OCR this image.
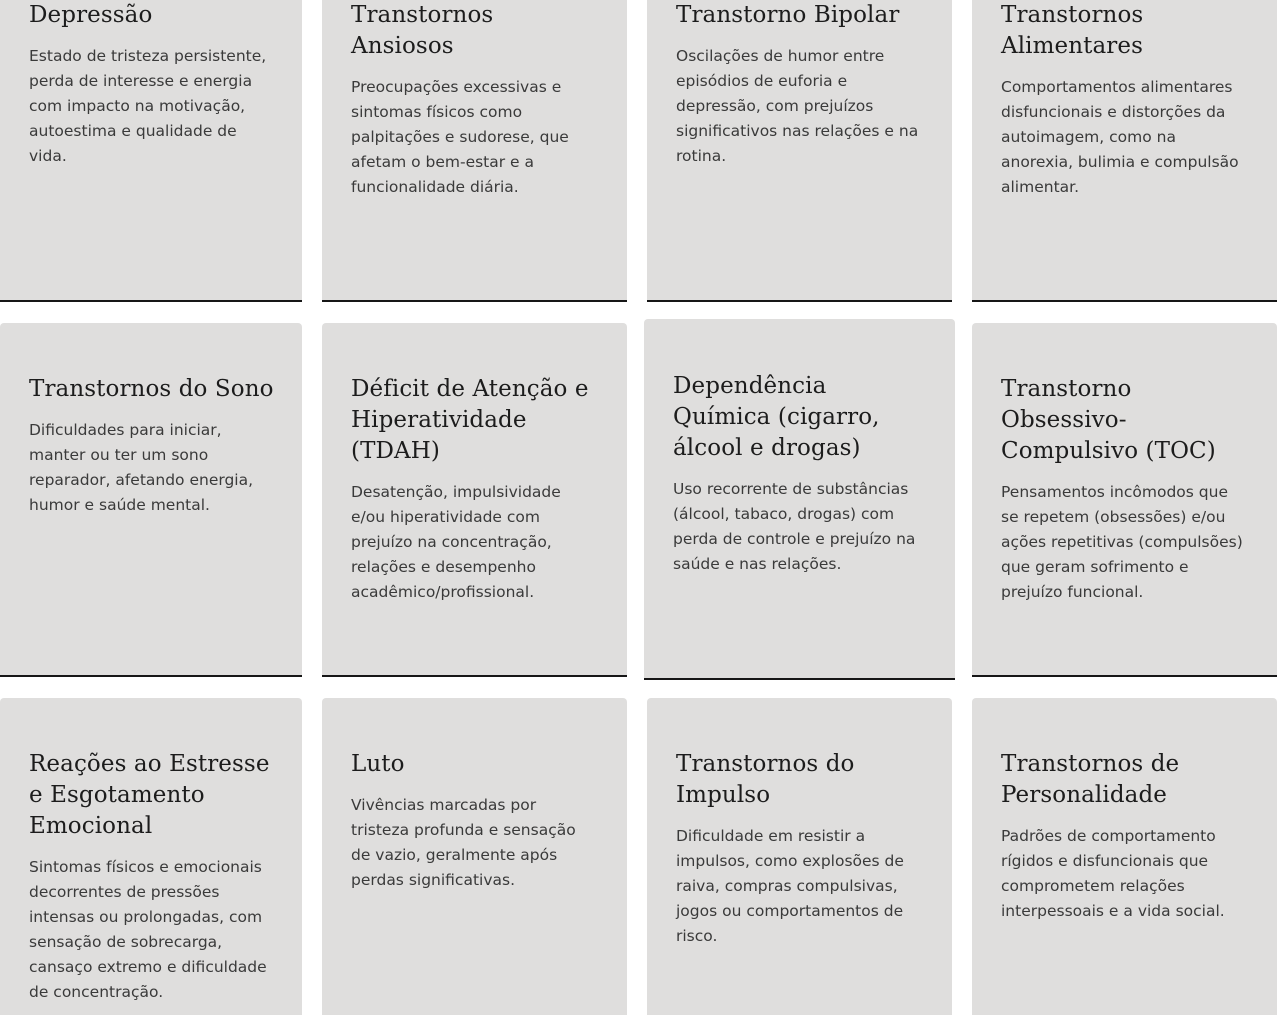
Depressão

Estado de tristeza persistente, perda de interesse e energia com impacto na motivação, autoestima e qualidade de vida.

Transtornos Ansiosos

Preocupações excessivas e sintomas físicos como palpitações e sudorese, que afetam o bem-estar e a funcionalidade diária.

Transtorno Bipolar

Oscilações de humor entre episódios de euforia e depressão, com prejuízos significativos nas relações e na rotina.

Transtornos Alimentares

Comportamentos alimentares disfuncionais e distorções da autoimagem, como na anorexia, bulimia e compulsão alimentar.

Transtornos do Sono

Dificuldades para iniciar, manter ou ter um sono reparador, afetando energia, humor e saúde mental.

Déficit de Atenção e Hiperatividade (TDAH)

Desatenção, impulsividade e/ou hiperatividade com prejuízo na concentração, relações e desempenho acadêmico/profissional.

Dependência Química (cigarro, álcool e drogas)

Uso recorrente de substâncias (álcool, tabaco, drogas) com perda de controle e prejuízo na saúde e nas relações.

Transtorno Obsessivo-Compulsivo (TOC)

Pensamentos incômodos que se repetem (obsessões) e/ou ações repetitivas (compulsões) que geram sofrimento e prejuízo funcional.

Reações ao Estresse e Esgotamento Emocional

Sintomas físicos e emocionais decorrentes de pressões intensas ou prolongadas, com sensação de sobrecarga, cansaço extremo e dificuldade de concentração.

Luto

Vivências marcadas por tristeza profunda e sensação de vazio, geralmente após perdas significativas.

Transtornos do Impulso

Dificuldade em resistir a impulsos, como explosões de raiva, compras compulsivas, jogos ou comportamentos de risco.

Transtornos de Personalidade

Padrões de comportamento rígidos e disfuncionais que comprometem relações interpessoais e a vida social.
